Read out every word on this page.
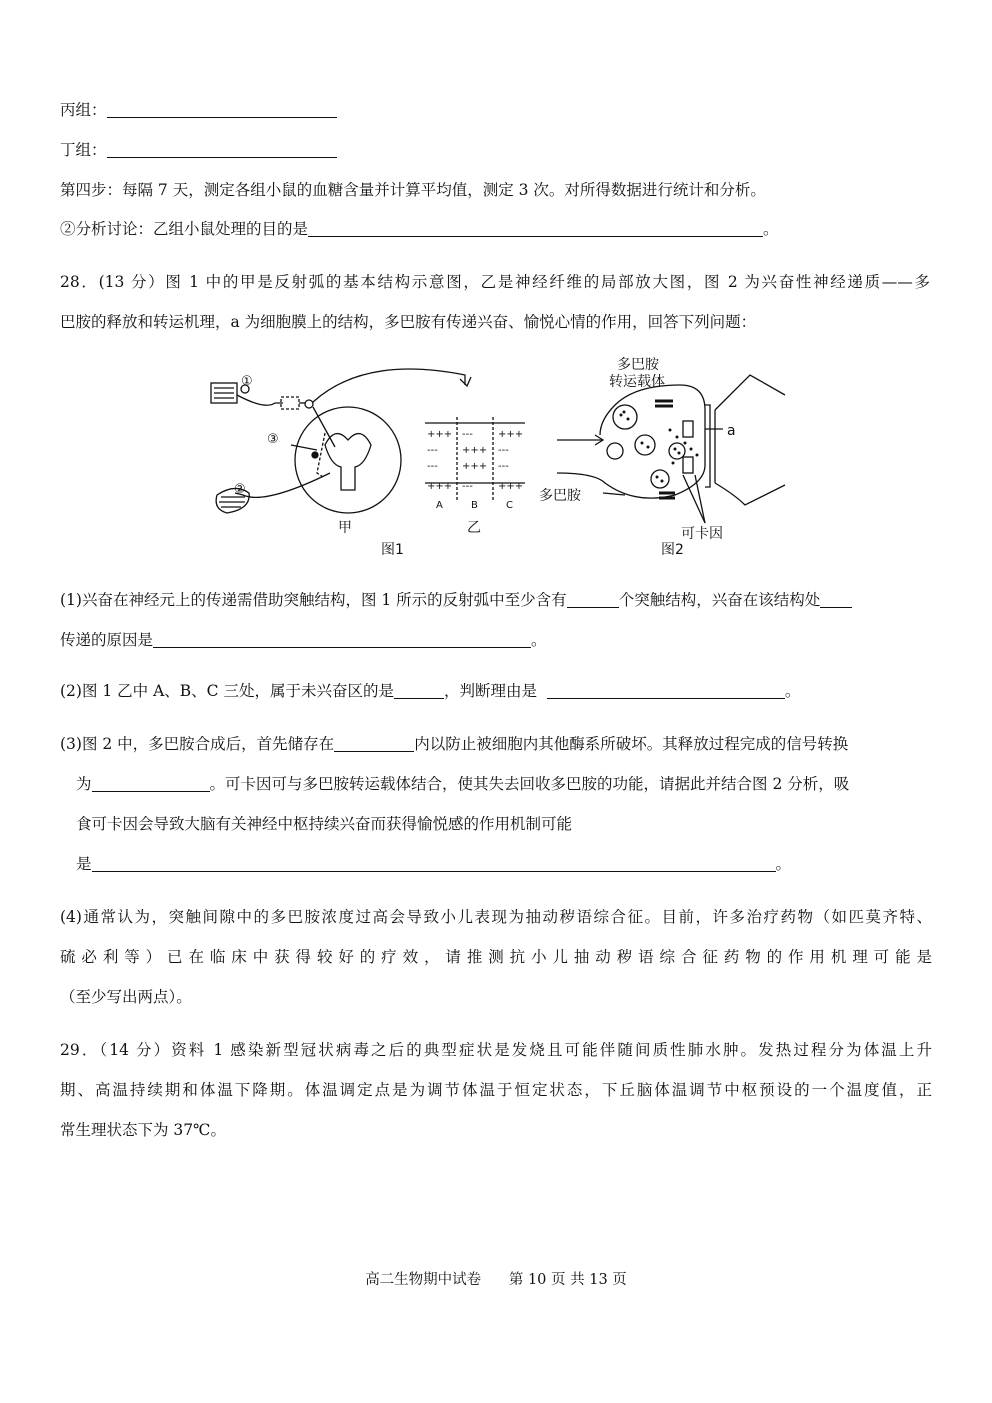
丙组：
丁组：
第四步：每隔 7 天，测定各组小鼠的血糖含量并计算平均值，测定 3 次。对所得数据进行统计和分析。
②分析讨论：乙组小鼠处理的目的是	。
28．(13 分）图 1 中的甲是反射弧的基本结构示意图，乙是神经纤维的局部放大图，图 2 为兴奋性神经递质——多
巴胺的释放和转运机理，a 为细胞膜上的结构，多巴胺有传递兴奋、愉悦心情的作用，回答下列问题：
①
②
③
甲	乙
图1	图2
A	B	C
+++ ---	+++
--- +++ ---
--- +++ ---
+++ ---	+++
多巴胺
转运载体
a
多巴胺
可卡因
(1)兴奋在神经元上的传递需借助突触结构，图 1 所示的反射弧中至少含有	个突触结构，兴奋在该结构处
传递的原因是	。
(2)图 1 乙中 A、B、C 三处，属于未兴奋区的是	，判断理由是	。
(3)图 2 中，多巴胺合成后，首先储存在	内以防止被细胞内其他酶系所破坏。其释放过程完成的信号转换
为	。可卡因可与多巴胺转运载体结合，使其失去回收多巴胺的功能，请据此并结合图 2 分析，吸
食可卡因会导致大脑有关神经中枢持续兴奋而获得愉悦感的作用机制可能
是	。
(4)通常认为，突触间隙中的多巴胺浓度过高会导致小儿表现为抽动秽语综合征。目前，许多治疗药物（如匹莫齐特、
硫必利等）已在临床中获得较好的疗效，请推测抗小儿抽动秽语综合征药物的作用机理可能是
（至少写出两点）。
29．（14 分）资料 1 感染新型冠状病毒之后的典型症状是发烧且可能伴随间质性肺水肿。发热过程分为体温上升
期、高温持续期和体温下降期。体温调定点是为调节体温于恒定状态，下丘脑体温调节中枢预设的一个温度值，正
常生理状态下为 37℃。
高二生物期中试卷 第 10 页 共 13 页
